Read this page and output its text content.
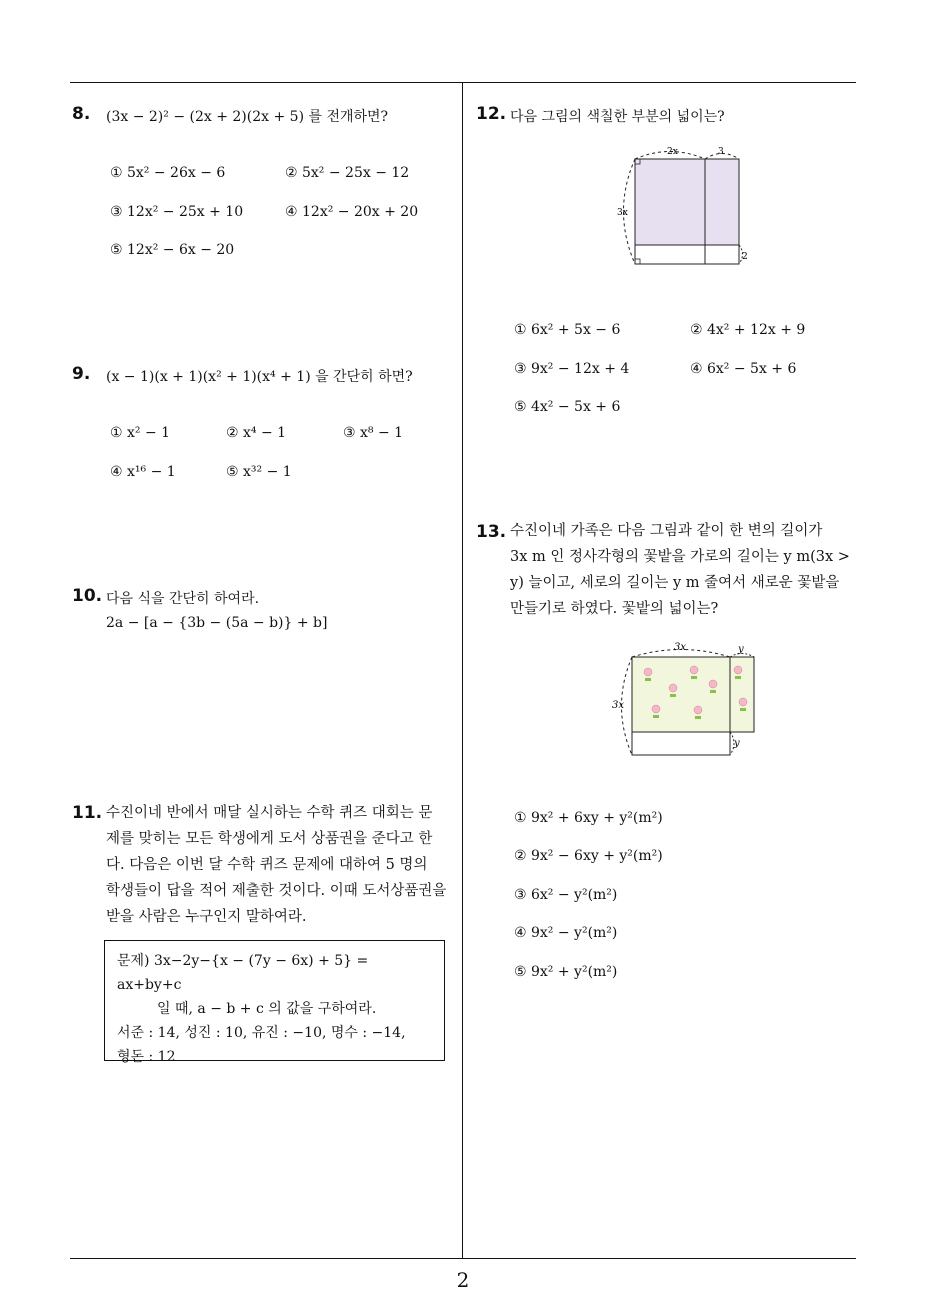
8. (3x − 2)² − (2x + 2)(2x + 5) 를 전개하면?
① 5x² − 26x − 6	② 5x² − 25x − 12
③ 12x² − 25x + 10	④ 12x² − 20x + 20
⑤ 12x² − 6x − 20
9. (x − 1)(x + 1)(x² + 1)(x⁴ + 1) 을 간단히 하면?
① x² − 1	② x⁴ − 1	③ x⁸ − 1
④ x¹⁶ − 1	⑤ x³² − 1
10. 다음 식을 간단히 하여라.
2a − [a − {3b − (5a − b)} + b]
11. 수진이네 반에서 매달 실시하는 수학 퀴즈 대회는 문
제를 맞히는 모든 학생에게 도서 상품권을 준다고 한
다. 다음은 이번 달 수학 퀴즈 문제에 대하여 5 명의
학생들이 답을 적어 제출한 것이다. 이때 도서상품권을
받을 사람은 누구인지 말하여라.
문제) 3x−2y−{x − (7y − 6x) + 5} = ax+by+c
일 때, a − b + c 의 값을 구하여라.
서준 : 14, 성진 : 10, 유진 : −10, 명수 : −14,
형돈 : 12
12. 다음 그림의 색칠한 부분의 넓이는?
2x	3
3x
2
① 6x² + 5x − 6	② 4x² + 12x + 9
③ 9x² − 12x + 4	④ 6x² − 5x + 6
⑤ 4x² − 5x + 6
13. 수진이네 가족은 다음 그림과 같이 한 변의 길이가
3x m 인 정사각형의 꽃밭을 가로의 길이는 y m(3x >
y) 늘이고, 세로의 길이는 y m 줄여서 새로운 꽃밭을
만들기로 하였다. 꽃밭의 넓이는?
3x	y
3x
y
① 9x² + 6xy + y²(m²)
② 9x² − 6xy + y²(m²)
③ 6x² − y²(m²)
④ 9x² − y²(m²)
⑤ 9x² + y²(m²)
2
